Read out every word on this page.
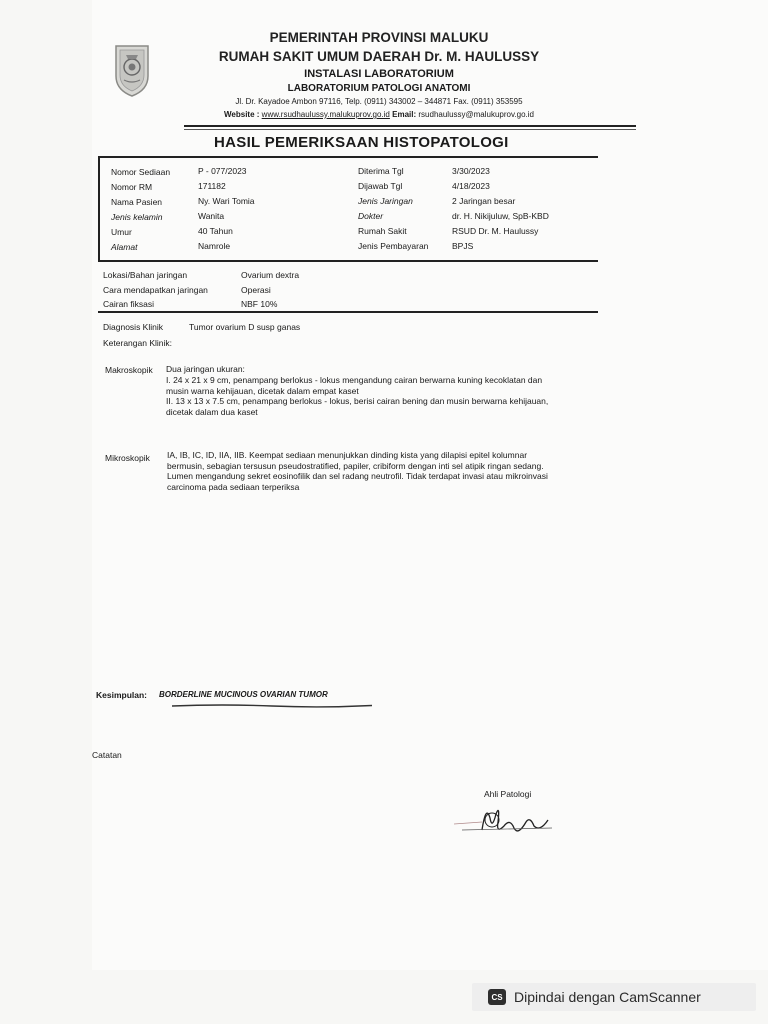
PEMERINTAH PROVINSI MALUKU
RUMAH SAKIT UMUM DAERAH Dr. M. HAULUSSY
INSTALASI LABORATORIUM
LABORATORIUM PATOLOGI ANATOMI
Jl. Dr. Kayadoe Ambon 97116, Telp. (0911) 343002 – 344871 Fax. (0911) 353595
Website : www.rsudhaulussy.malukuprov.go.id Email: rsudhaulussy@malukuprov.go.id
HASIL PEMERIKSAAN HISTOPATOLOGI
Nomor Sediaan	P - 077/2023
Nomor RM	171182
Nama Pasien	Ny. Wari Tomia
Jenis kelamin	Wanita
Umur	40 Tahun
Alamat	Namrole
Diterima Tgl	3/30/2023
Dijawab Tgl	4/18/2023
Jenis Jaringan	2 Jaringan besar
Dokter	dr. H. Nikijuluw, SpB-KBD
Rumah Sakit	RSUD Dr. M. Haulussy
Jenis Pembayaran	BPJS
Lokasi/Bahan jaringan	Ovarium dextra
Cara mendapatkan jaringan	Operasi
Cairan fiksasi	NBF 10%
Diagnosis Klinik	Tumor ovarium D susp ganas
Keterangan Klinik:
Makroskopik Dua jaringan ukuran:
I. 24 x 21 x 9 cm, penampang berlokus - lokus mengandung cairan berwarna kuning kecoklatan dan
musin warna kehijauan, dicetak dalam empat kaset
II. 13 x 13 x 7.5 cm, penampang berlokus - lokus, berisi cairan bening dan musin berwarna kehijauan,
dicetak dalam dua kaset
Mikroskopik IA, IB, IC, ID, IIA, IIB. Keempat sediaan menunjukkan dinding kista yang dilapisi epitel kolumnar
bermusin, sebagian tersusun pseudostratified, papiler, cribiform dengan inti sel atipik ringan sedang.
Lumen mengandung sekret eosinofilik dan sel radang neutrofil. Tidak terdapat invasi atau mikroinvasi
carcinoma pada sediaan terperiksa
Kesimpulan: BORDERLINE MUCINOUS OVARIAN TUMOR
Catatan
Ahli Patologi
CS Dipindai dengan CamScanner
